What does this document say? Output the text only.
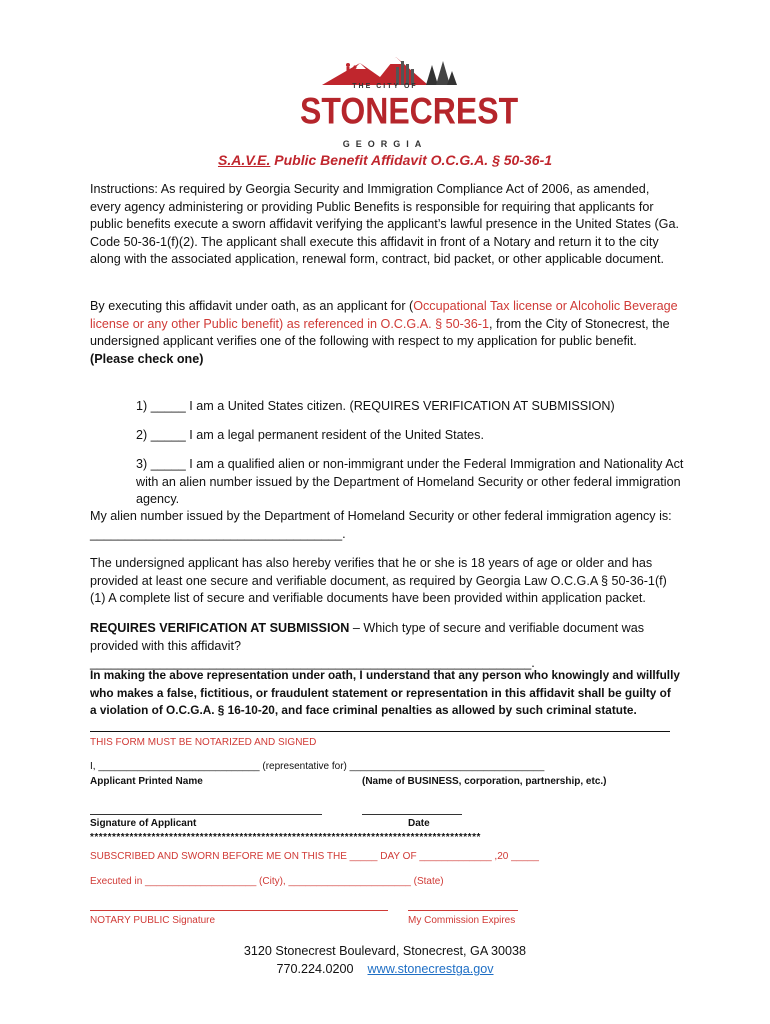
THE CITY OF
STONECREST
GEORGIA
S.A.V.E. Public Benefit Affidavit O.C.G.A. § 50-36-1
Instructions: As required by Georgia Security and Immigration Compliance Act of 2006, as amended, every agency administering or providing Public Benefits is responsible for requiring that applicants for public benefits execute a sworn affidavit verifying the applicant’s lawful presence in the United States (Ga. Code 50-36-1(f)(2). The applicant shall execute this affidavit in front of a Notary and return it to the city along with the associated application, renewal form, contract, bid packet, or other applicable document.
By executing this affidavit under oath, as an applicant for (Occupational Tax license or Alcoholic Beverage license or any other Public benefit) as referenced in O.C.G.A. § 50-36-1, from the City of Stonecrest, the undersigned applicant verifies one of the following with respect to my application for public benefit.
(Please check one)
1) _____ I am a United States citizen. (REQUIRES VERIFICATION AT SUBMISSION)
2) _____ I am a legal permanent resident of the United States.
3) _____ I am a qualified alien or non-immigrant under the Federal Immigration and Nationality Act with an alien number issued by the Department of Homeland Security or other federal immigration agency.
My alien number issued by the Department of Homeland Security or other federal immigration agency is: ____________________________________.
The undersigned applicant has also hereby verifies that he or she is 18 years of age or older and has provided at least one secure and verifiable document, as required by Georgia Law O.C.G.A § 50-36-1(f) (1) A complete list of secure and verifiable documents have been provided within application packet.
REQUIRES VERIFICATION AT SUBMISSION – Which type of secure and verifiable document was provided with this affidavit? _______________________________________________________________.
In making the above representation under oath, I understand that any person who knowingly and willfully who makes a false, fictitious, or fraudulent statement or representation in this affidavit shall be guilty of a violation of O.C.G.A. § 16-10-20, and face criminal penalties as allowed by such criminal statute.
THIS FORM MUST BE NOTARIZED AND SIGNED
I, _____________________________ (representative for) ___________________________________
Applicant Printed Name	(Name of BUSINESS, corporation, partnership, etc.)
Signature of Applicant	Date
*****************************************************************************************
SUBSCRIBED AND SWORN BEFORE ME ON THIS THE _____ DAY OF _____________ ,20 _____
Executed in ____________________ (City), ______________________ (State)
NOTARY PUBLIC Signature	My Commission Expires
3120 Stonecrest Boulevard, Stonecrest, GA 30038
770.224.0200 www.stonecrestga.gov
